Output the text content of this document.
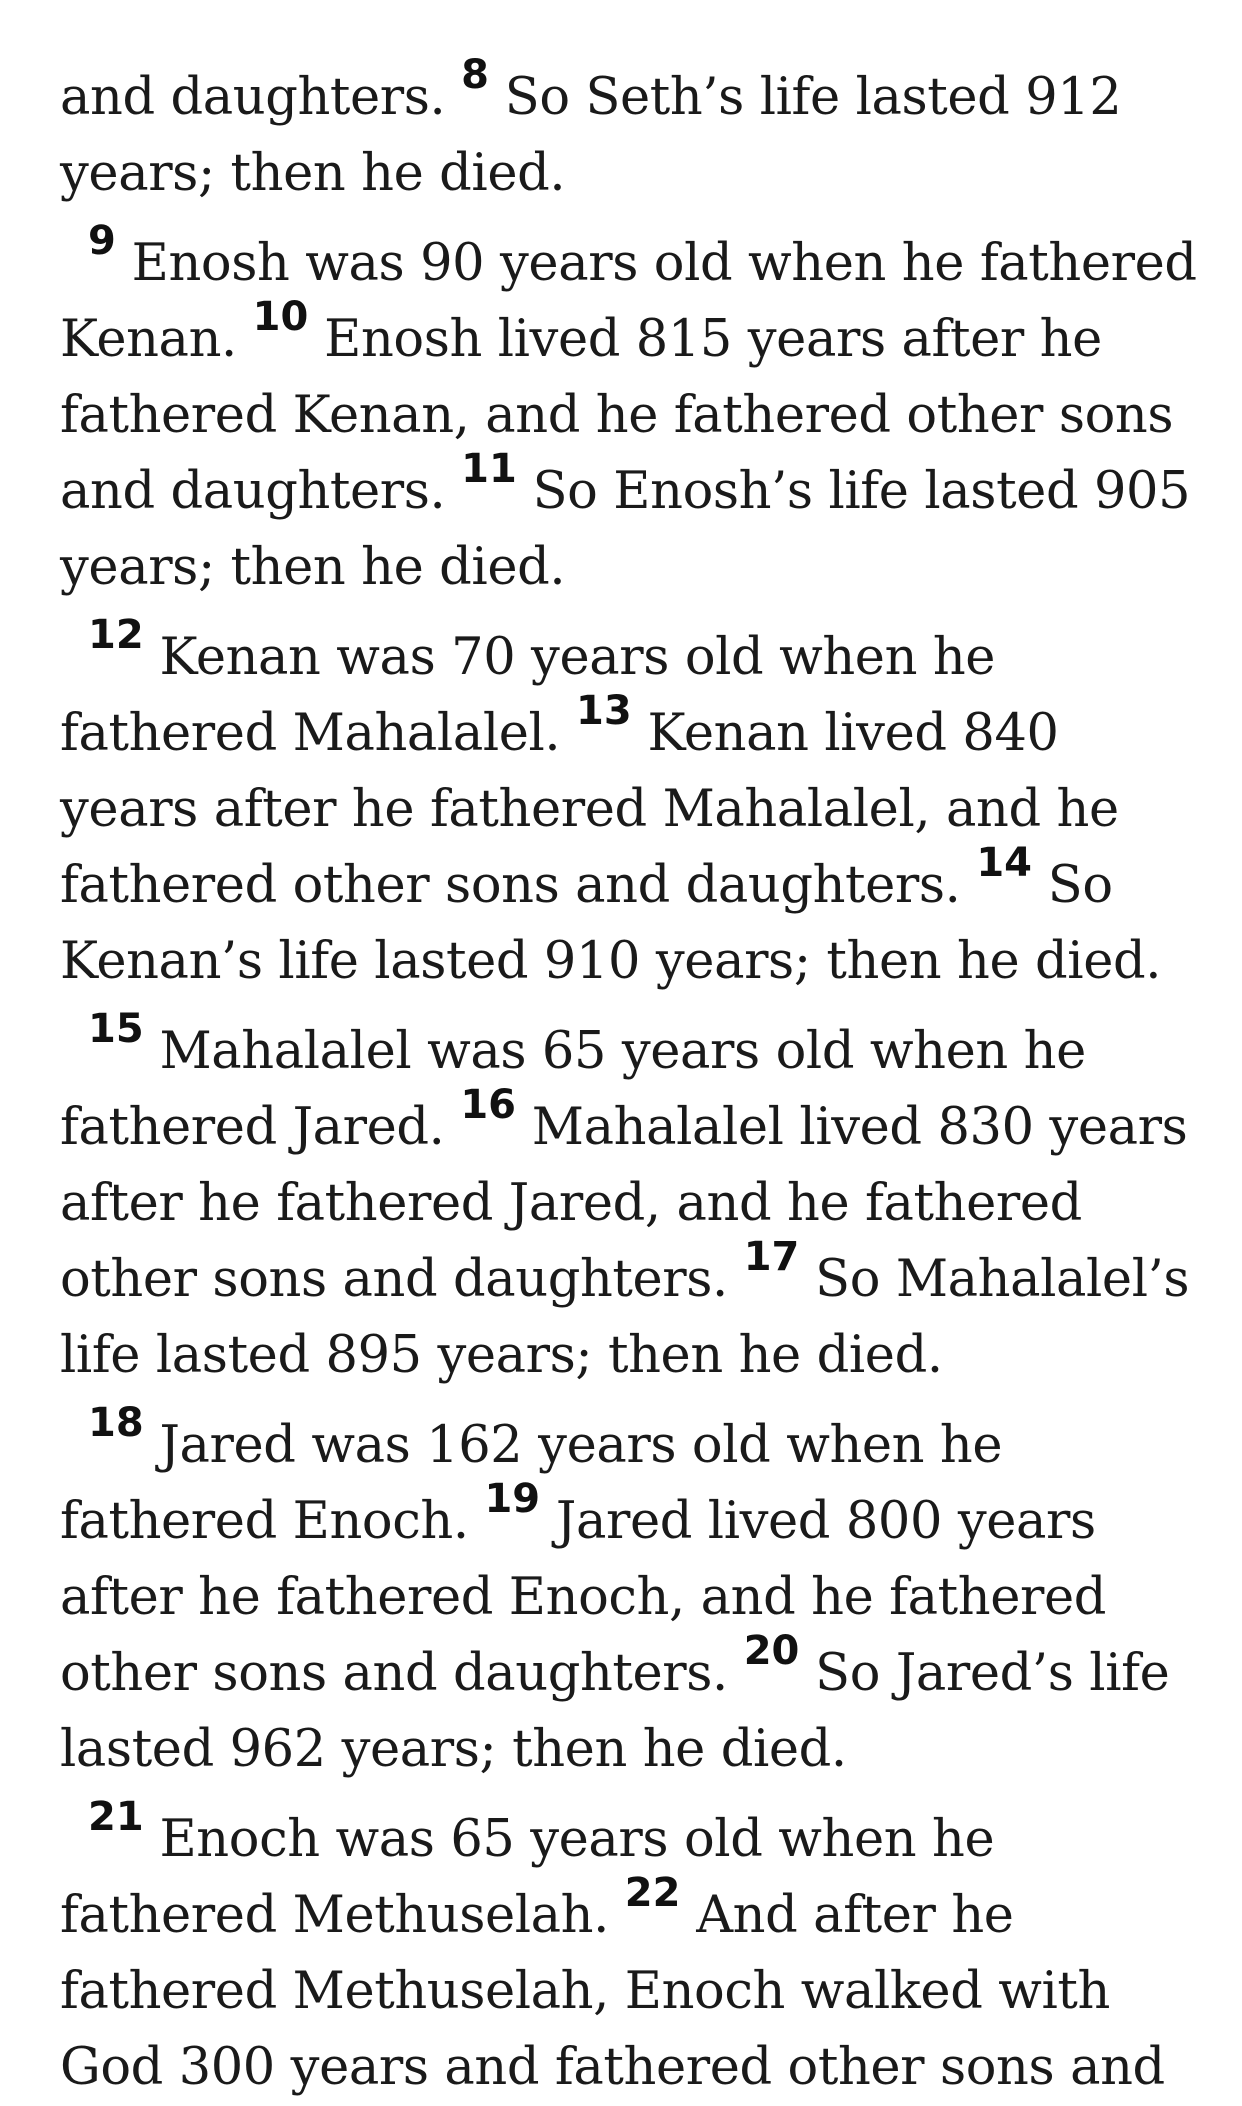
and daughters. $^8$ So Seth’s life lasted 912 years; then he died.

$^9$ Enosh was 90 years old when he fathered Kenan. $^{10}$ Enosh lived 815 years after he fathered Kenan, and he fathered other sons and daughters. $^{11}$ So Enosh’s life lasted 905 years; then he died.

$^{12}$ Kenan was 70 years old when he fathered Mahalalel. $^{13}$ Kenan lived 840 years after he fathered Mahalalel, and he fathered other sons and daughters. $^{14}$ So Kenan’s life lasted 910 years; then he died.

$^{15}$ Mahalalel was 65 years old when he fathered Jared. $^{16}$ Mahalalel lived 830 years after he fathered Jared, and he fathered other sons and daughters. $^{17}$ So Mahalalel’s life lasted 895 years; then he died.

$^{18}$ Jared was 162 years old when he fathered Enoch. $^{19}$ Jared lived 800 years after he fathered Enoch, and he fathered other sons and daughters. $^{20}$ So Jared’s life lasted 962 years; then he died.

$^{21}$ Enoch was 65 years old when he fathered Methuselah. $^{22}$ And after he fathered Methuselah, Enoch walked with God 300 years and fathered other sons and
